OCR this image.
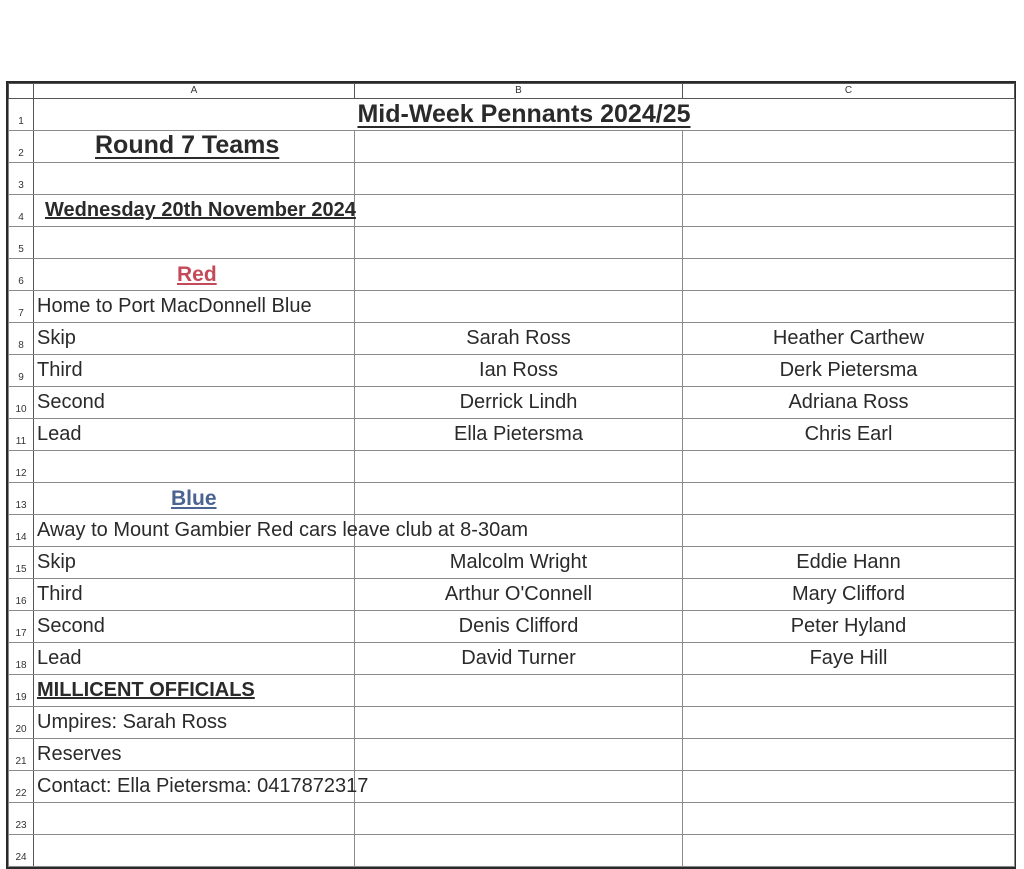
	A	B	C
1	Mid-Week Pennants 2024/25		

2	Round 7 Teams		
3			
4	Wednesday 20th November 2024		
5			
6	Red		
7	Home to Port MacDonnell Blue		
8	Skip	Sarah Ross	Heather Carthew
9	Third	Ian Ross	Derk Pietersma
10	Second	Derrick Lindh	Adriana Ross
11	Lead	Ella Pietersma	Chris Earl
12			
13	Blue		
14	Away to Mount Gambier Red cars leave club at 8-30am		
15	Skip	Malcolm Wright	Eddie Hann
16	Third	Arthur O'Connell	Mary Clifford
17	Second	Denis Clifford	Peter Hyland
18	Lead	David Turner	Faye Hill
19	MILLICENT OFFICIALS		
20	Umpires: Sarah Ross		
21	Reserves		
22	Contact: Ella Pietersma: 0417872317		
23			
24			
